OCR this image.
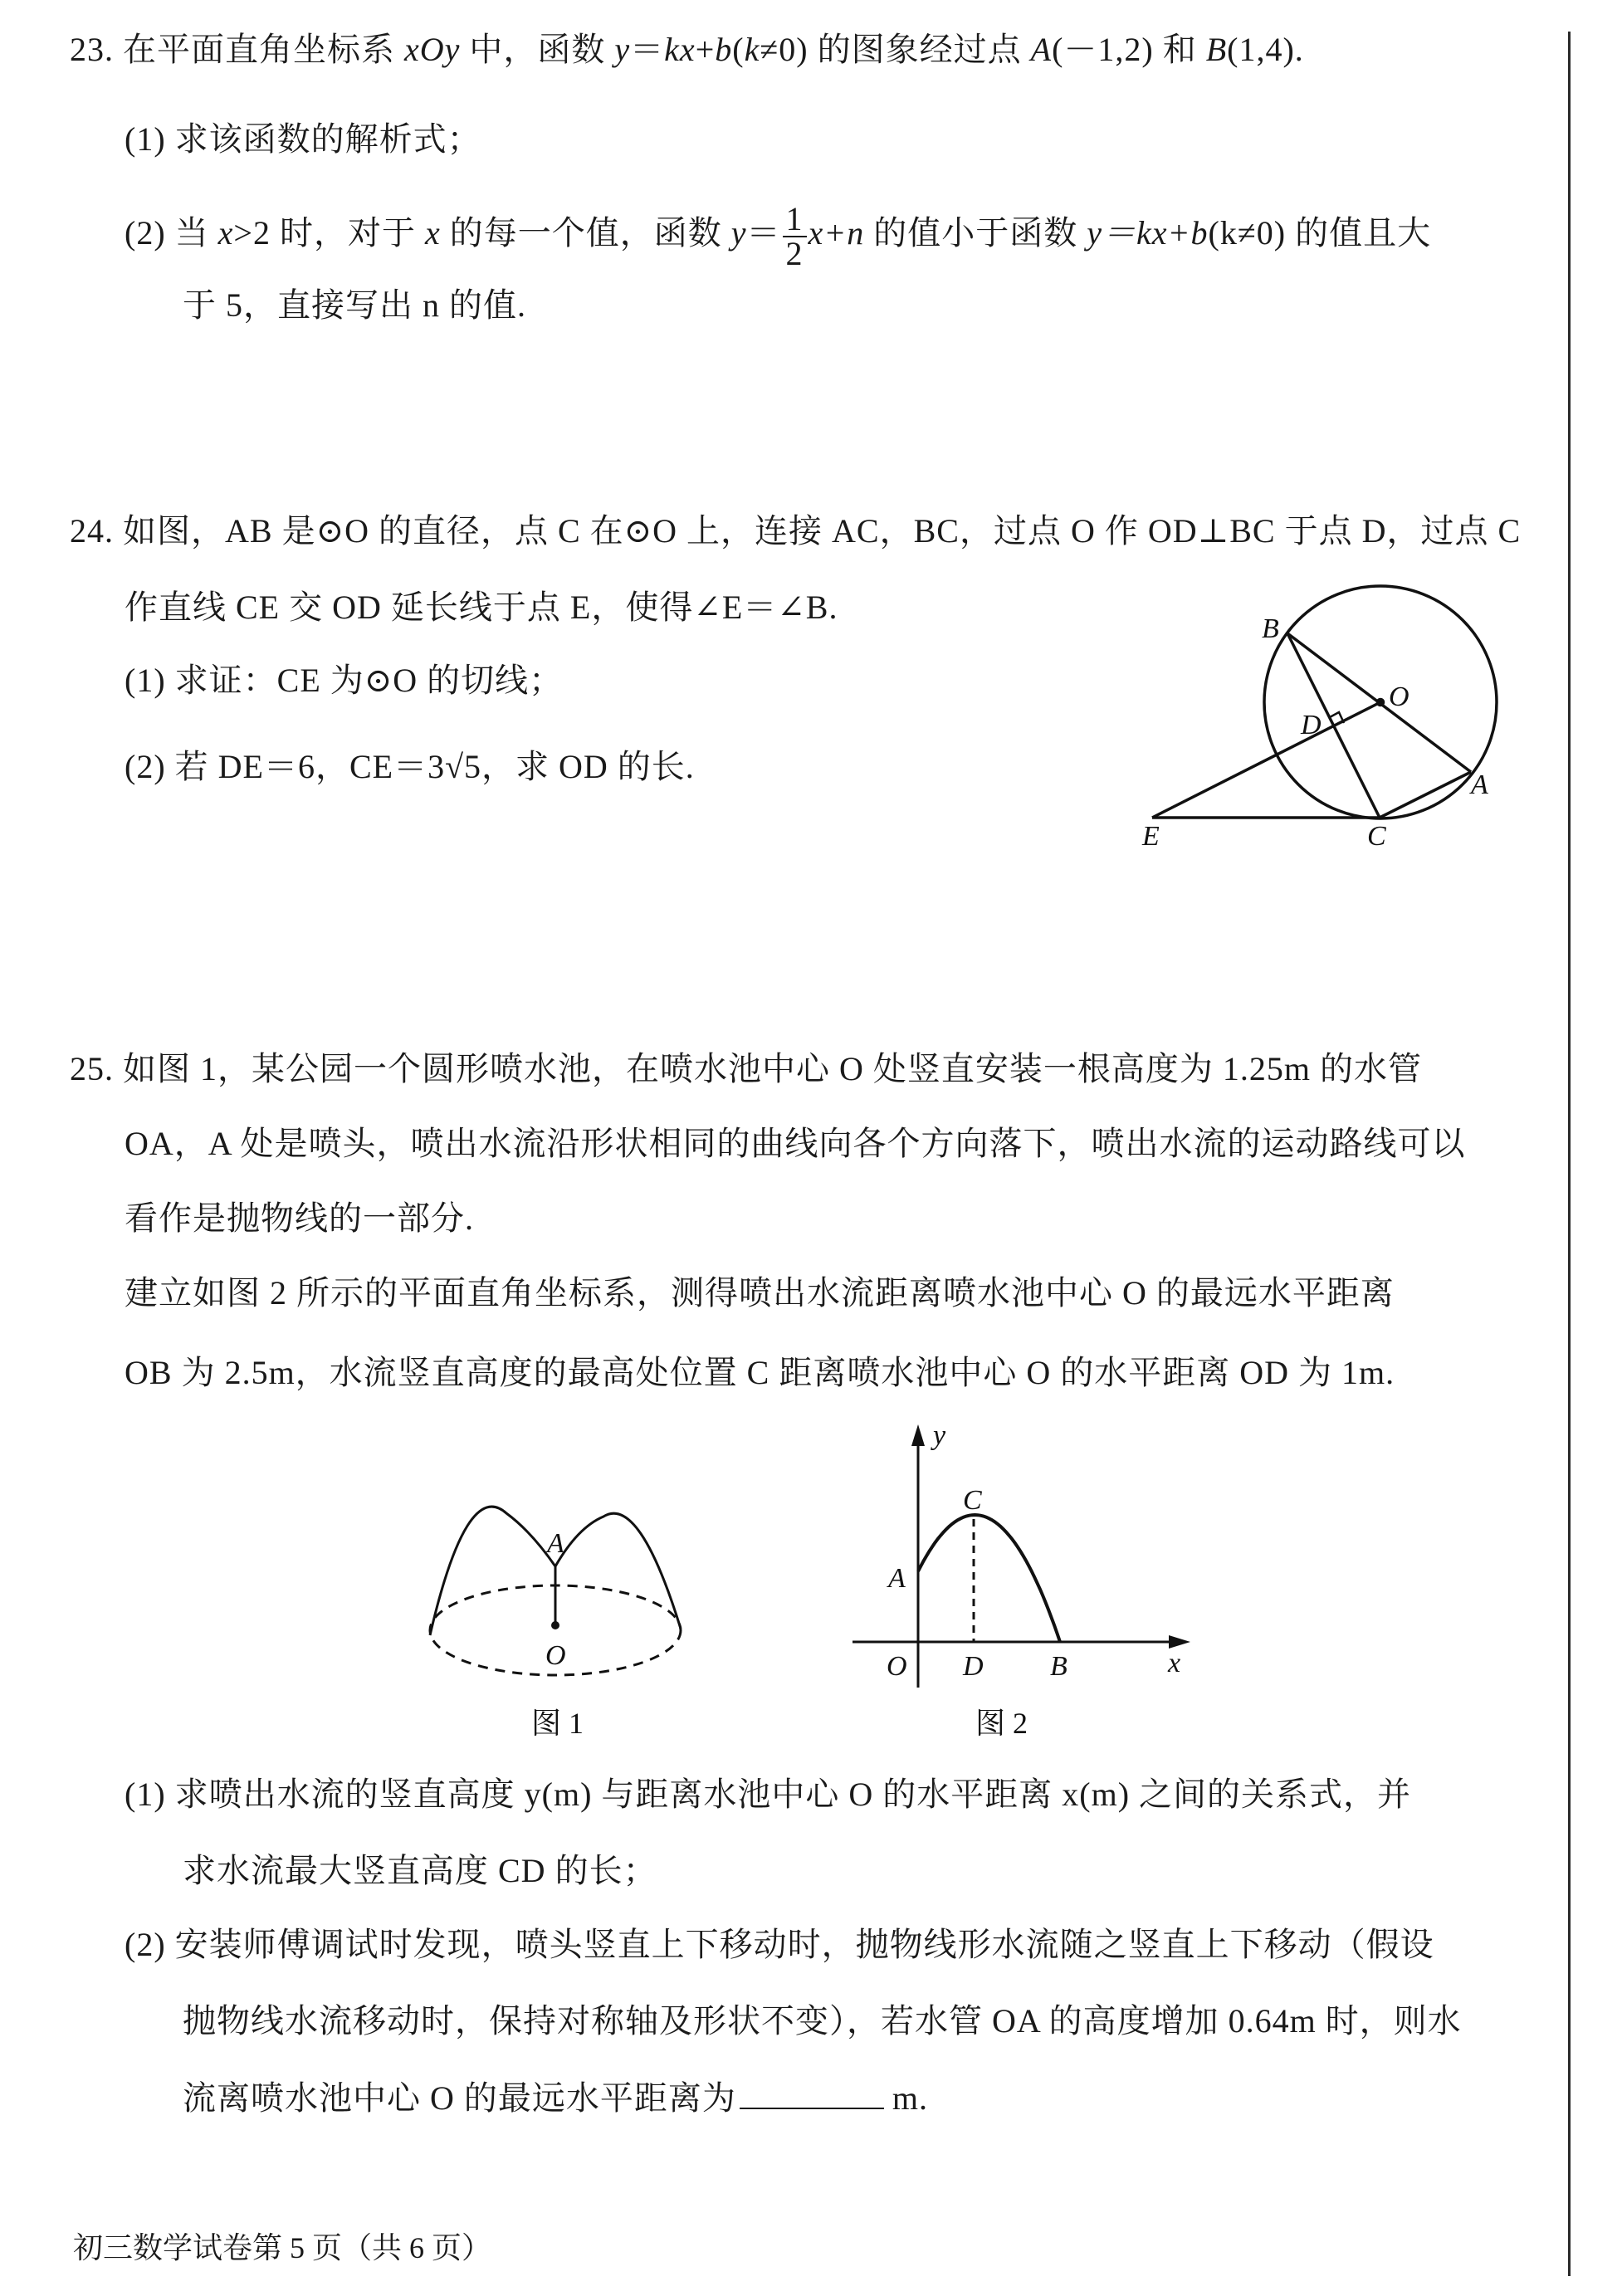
23. 在平面直角坐标系 xOy 中，函数 y＝kx+b(k≠0) 的图象经过点 A(－1,2) 和 B(1,4).
(1) 求该函数的解析式；
(2) 当 x>2 时，对于 x 的每一个值，函数 $y= \frac{1}{2} x+n$ 的值小于函数 y＝kx+b(k≠0) 的值且大
于 5，直接写出 n 的值.
24. 如图，AB 是⊙O 的直径，点 C 在⊙O 上，连接 AC，BC，过点 O 作 OD⊥BC 于点 D，过点 C
作直线 CE 交 OD 延长线于点 E，使得∠E＝∠B.
(1) 求证：CE 为⊙O 的切线；
(2) 若 DE＝6，CE＝3√5，求 OD 的长.
25. 如图 1，某公园一个圆形喷水池，在喷水池中心 O 处竖直安装一根高度为 1.25m 的水管
OA，A 处是喷头，喷出水流沿形状相同的曲线向各个方向落下，喷出水流的运动路线可以
看作是抛物线的一部分.
建立如图 2 所示的平面直角坐标系，测得喷出水流距离喷水池中心 O 的最远水平距离
OB 为 2.5m，水流竖直高度的最高处位置 C 距离喷水池中心 O 的水平距离 OD 为 1m.
(1) 求喷出水流的竖直高度 y(m) 与距离水池中心 O 的水平距离 x(m) 之间的关系式，并
求水流最大竖直高度 CD 的长；
(2) 安装师傅调试时发现，喷头竖直上下移动时，抛物线形水流随之竖直上下移动（假设
抛物线水流移动时，保持对称轴及形状不变），若水管 OA 的高度增加 0.64m 时，则水
流离喷水池中心 O 的最远水平距离为	m.
初三数学试卷第 5 页（共 6 页）
B
O
D
A
E	C
A
O
图 1
y
x
C
A
O D B
图 2
